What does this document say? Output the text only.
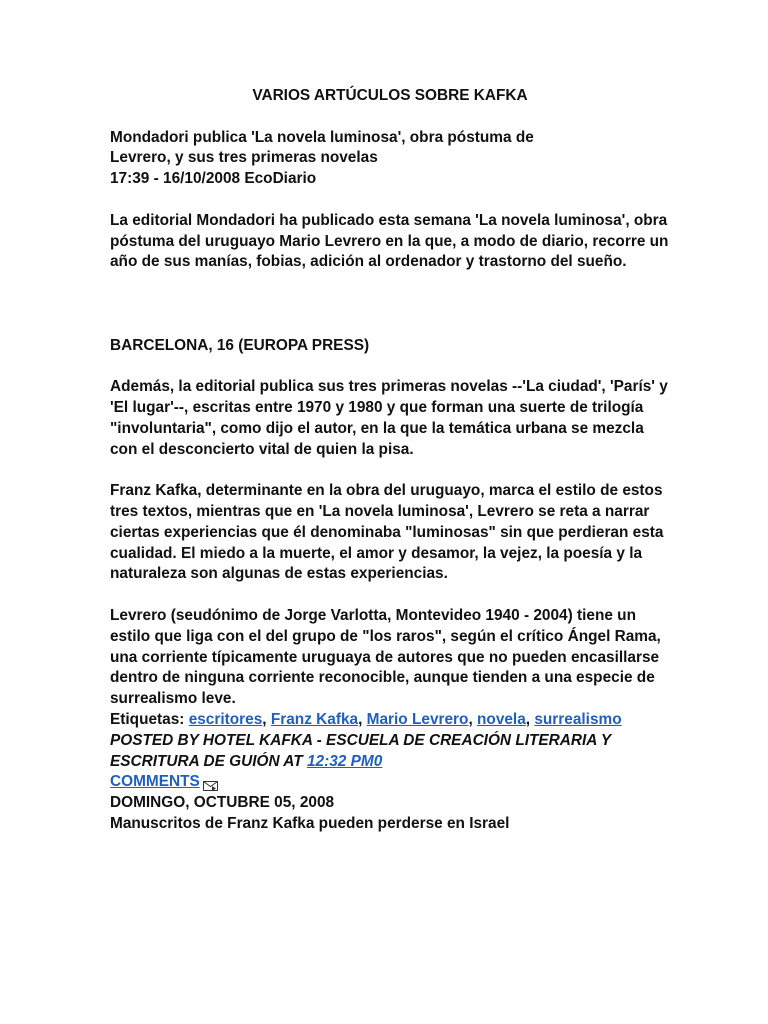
VARIOS ARTÚCULOS SOBRE KAFKA

Mondadori publica 'La novela luminosa', obra póstuma de
Levrero, y sus tres primeras novelas
17:39 - 16/10/2008 EcoDiario

La editorial Mondadori ha publicado esta semana 'La novela luminosa', obra póstuma del uruguayo Mario Levrero en la que, a modo de diario, recorre un año de sus manías, fobias, adición al ordenador y trastorno del sueño.

BARCELONA, 16 (EUROPA PRESS)

Además, la editorial publica sus tres primeras novelas --'La ciudad', 'París' y 'El lugar'--, escritas entre 1970 y 1980 y que forman una suerte de trilogía "involuntaria", como dijo el autor, en la que la temática urbana se mezcla con el desconcierto vital de quien la pisa.

Franz Kafka, determinante en la obra del uruguayo, marca el estilo de estos tres textos, mientras que en 'La novela luminosa', Levrero se reta a narrar ciertas experiencias que él denominaba "luminosas" sin que perdieran esta cualidad. El miedo a la muerte, el amor y desamor, la vejez, la poesía y la naturaleza son algunas de estas experiencias.

Levrero (seudónimo de Jorge Varlotta, Montevideo 1940 - 2004) tiene un estilo que liga con el del grupo de "los raros", según el crítico Ángel Rama, una corriente típicamente uruguaya de autores que no pueden encasillarse dentro de ninguna corriente reconocible, aunque tienden a una especie de surrealismo leve.

Etiquetas: escritores, Franz Kafka, Mario Levrero, novela, surrealismo

POSTED BY HOTEL KAFKA - ESCUELA DE CREACIÓN LITERARIA Y ESCRITURA DE GUIÓN AT 12:32 PM0

COMMENTS

DOMINGO, OCTUBRE 05, 2008

Manuscritos de Franz Kafka pueden perderse en Israel
